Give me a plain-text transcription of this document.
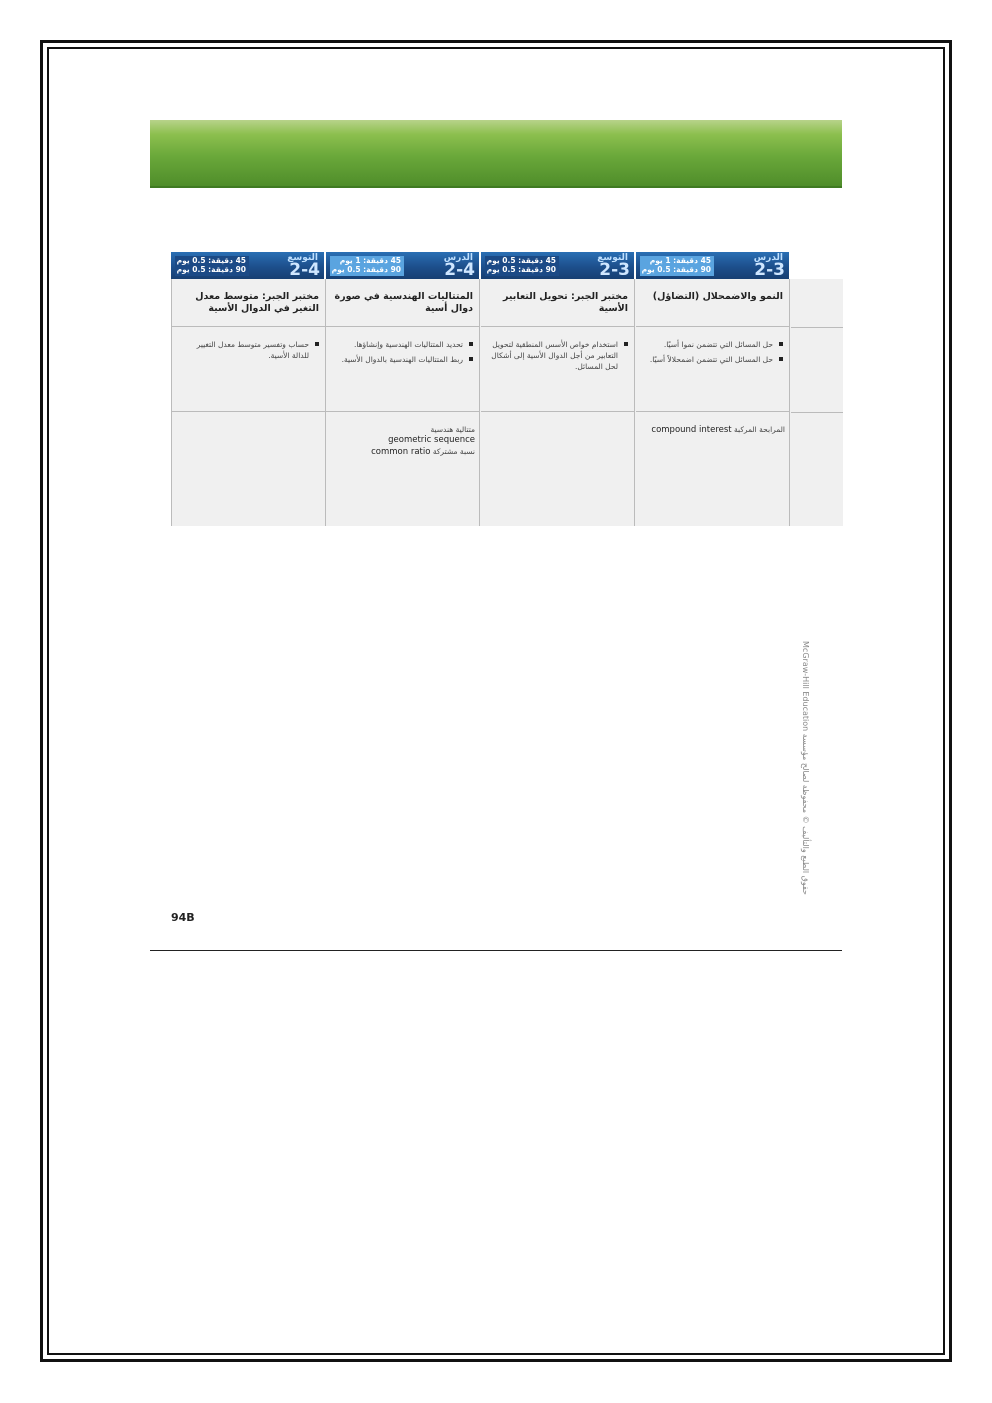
45 دقيقة: 1 يوم
90 دقيقة: 0.5 يوم
الدرس
2-3
45 دقيقة: 0.5 يوم
90 دقيقة: 0.5 يوم
التوسع
2-3
45 دقيقة: 1 يوم
90 دقيقة: 0.5 يوم
الدرس
2-4
45 دقيقة: 0.5 يوم
90 دقيقة: 0.5 يوم
التوسع
2-4
النمو والاضمحلال (التضاؤل)
حل المسائل التي تتضمن نموا أسيًا.
حل المسائل التي تتضمن اضمحلالاً أسيًا.
المرابحة المركبة compound interest
مختبر الجبر: تحويل التعابير الأسية
استخدام خواص الأسس المنطقية لتحويل التعابير من أجل الدوال الأسية إلى أشكال لحل المسائل.
المتتاليات الهندسية في صورة دوال أسية
تحديد المتتاليات الهندسية وإنشاؤها.
ربط المتتاليات الهندسية بالدوال الأسية.
متتالية هندسية
geometric sequence
نسبة مشتركة common ratio
مختبر الجبر: متوسط معدل التغير في الدوال الأسية
حساب وتفسير متوسط معدل التغيير للدالة الأسية.
حقوق الطبع والتأليف © محفوظة لصالح مؤسسة McGraw-Hill Education
94B
